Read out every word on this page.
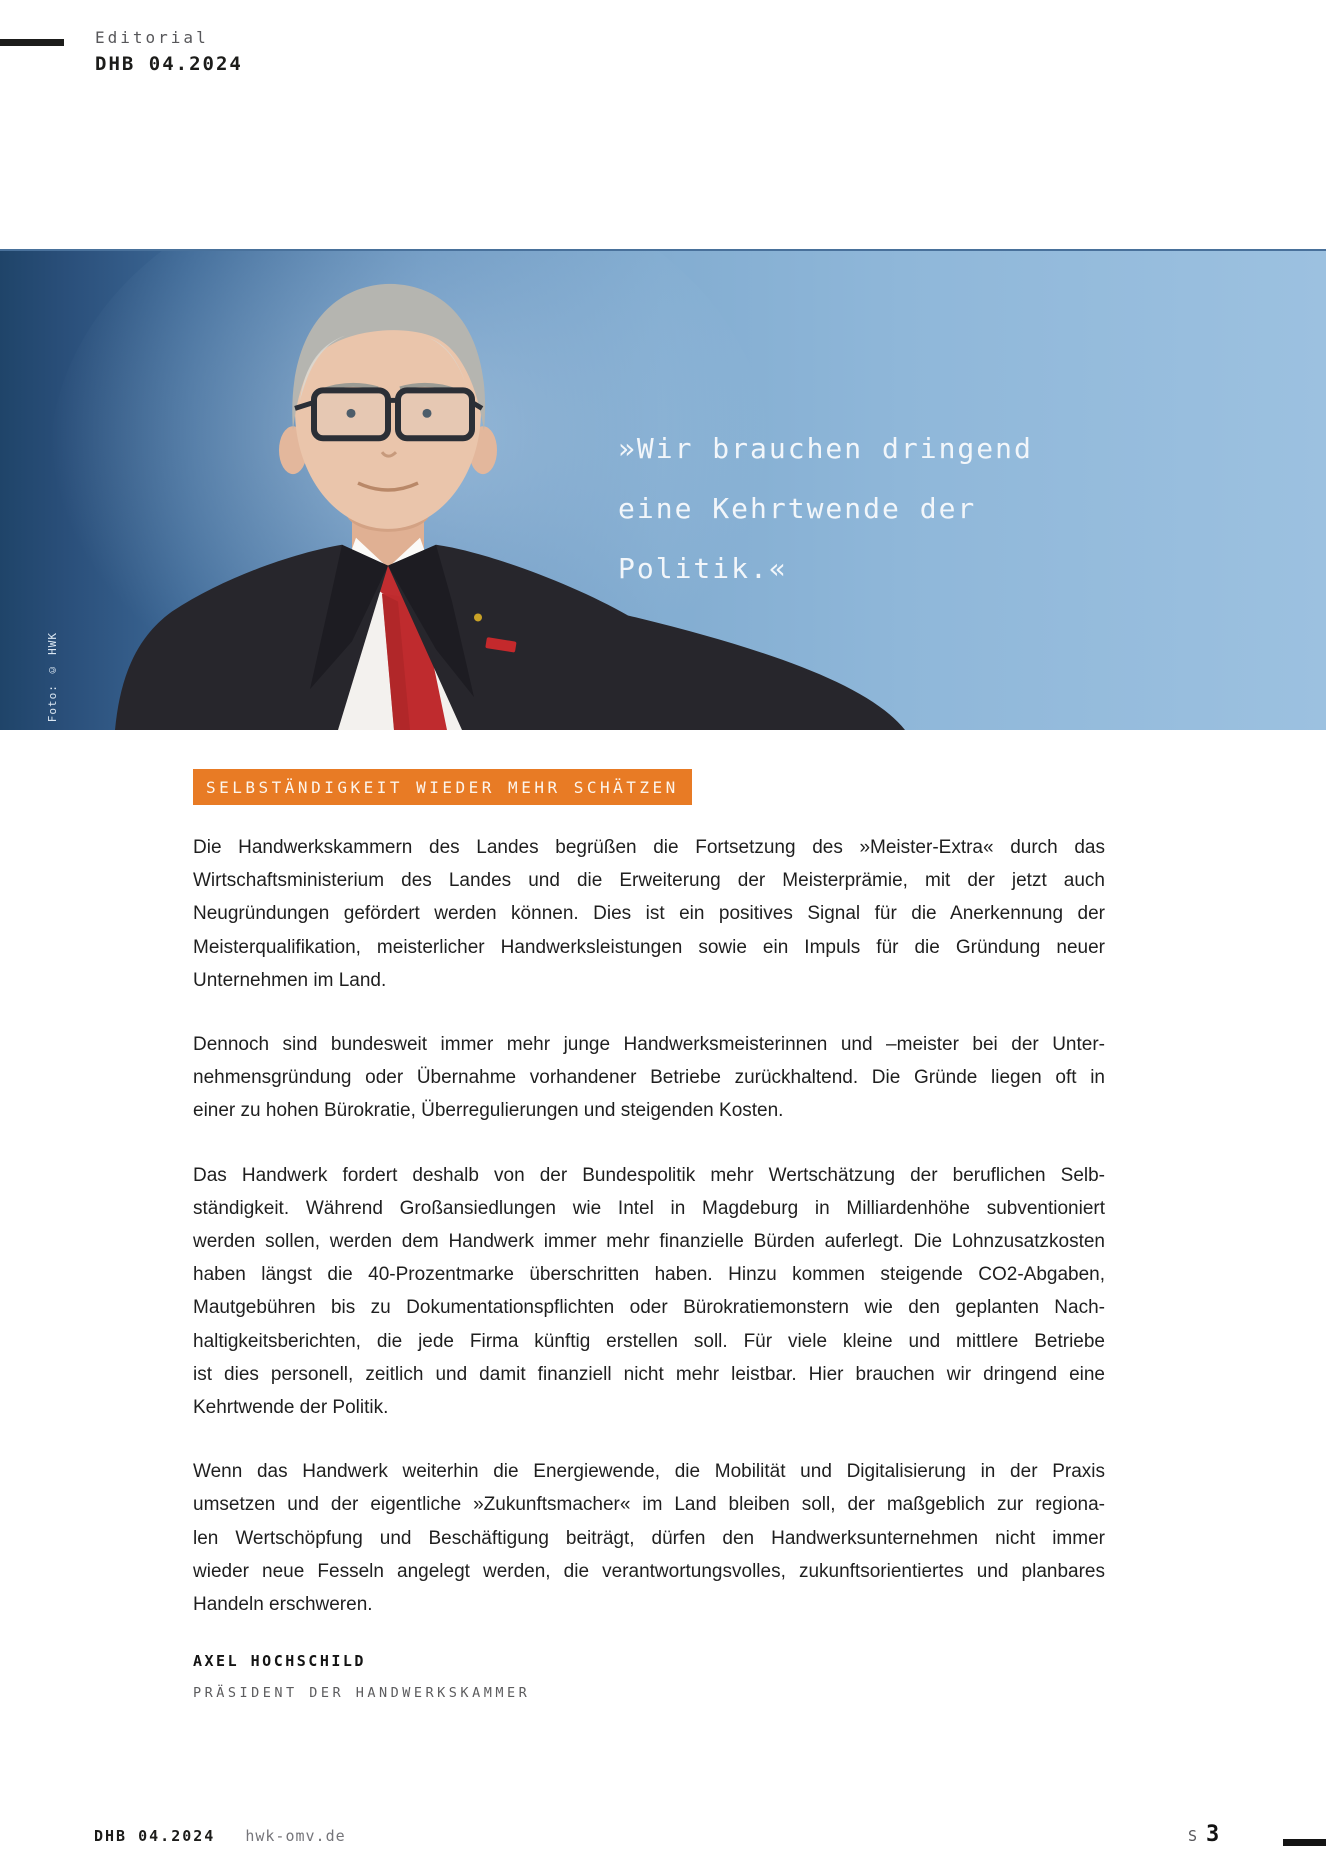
Editorial
DHB 04.2024
»Wir brauchen dringend
eine Kehrtwende der
Politik.«
Foto: © HWK
SELBSTÄNDIGKEIT WIEDER MEHR SCHÄTZEN
Die Handwerkskammern des Landes begrüßen die Fortsetzung des »Meister-Extra« durch das
Wirtschaftsministerium des Landes und die Erweiterung der Meisterprämie, mit der jetzt auch
Neugründungen gefördert werden können. Dies ist ein positives Signal für die Anerkennung der
Meisterqualifikation, meisterlicher Handwerksleistungen sowie ein Impuls für die Gründung neuer
Unternehmen im Land.
Dennoch sind bundesweit immer mehr junge Handwerksmeisterinnen und –meister bei der Unter-
nehmensgründung oder Übernahme vorhandener Betriebe zurückhaltend. Die Gründe liegen oft in
einer zu hohen Bürokratie, Überregulierungen und steigenden Kosten.
Das Handwerk fordert deshalb von der Bundespolitik mehr Wertschätzung der beruflichen Selb-
ständigkeit. Während Großansiedlungen wie Intel in Magdeburg in Milliardenhöhe subventioniert
werden sollen, werden dem Handwerk immer mehr finanzielle Bürden auferlegt. Die Lohnzusatzkosten
haben längst die 40-Prozentmarke überschritten haben. Hinzu kommen steigende CO2-Abgaben,
Mautgebühren bis zu Dokumentationspflichten oder Bürokratiemonstern wie den geplanten Nach-
haltigkeitsberichten, die jede Firma künftig erstellen soll. Für viele kleine und mittlere Betriebe
ist dies personell, zeitlich und damit finanziell nicht mehr leistbar. Hier brauchen wir dringend eine
Kehrtwende der Politik.
Wenn das Handwerk weiterhin die Energiewende, die Mobilität und Digitalisierung in der Praxis
umsetzen und der eigentliche »Zukunftsmacher« im Land bleiben soll, der maßgeblich zur regiona-
len Wertschöpfung und Beschäftigung beiträgt, dürfen den Handwerksunternehmen nicht immer
wieder neue Fesseln angelegt werden, die verantwortungsvolles, zukunftsorientiertes und planbares
Handeln erschweren.
AXEL HOCHSCHILD
PRÄSIDENT DER HANDWERKSKAMMER
DHB 04.2024 hwk-omv.de	S 3
